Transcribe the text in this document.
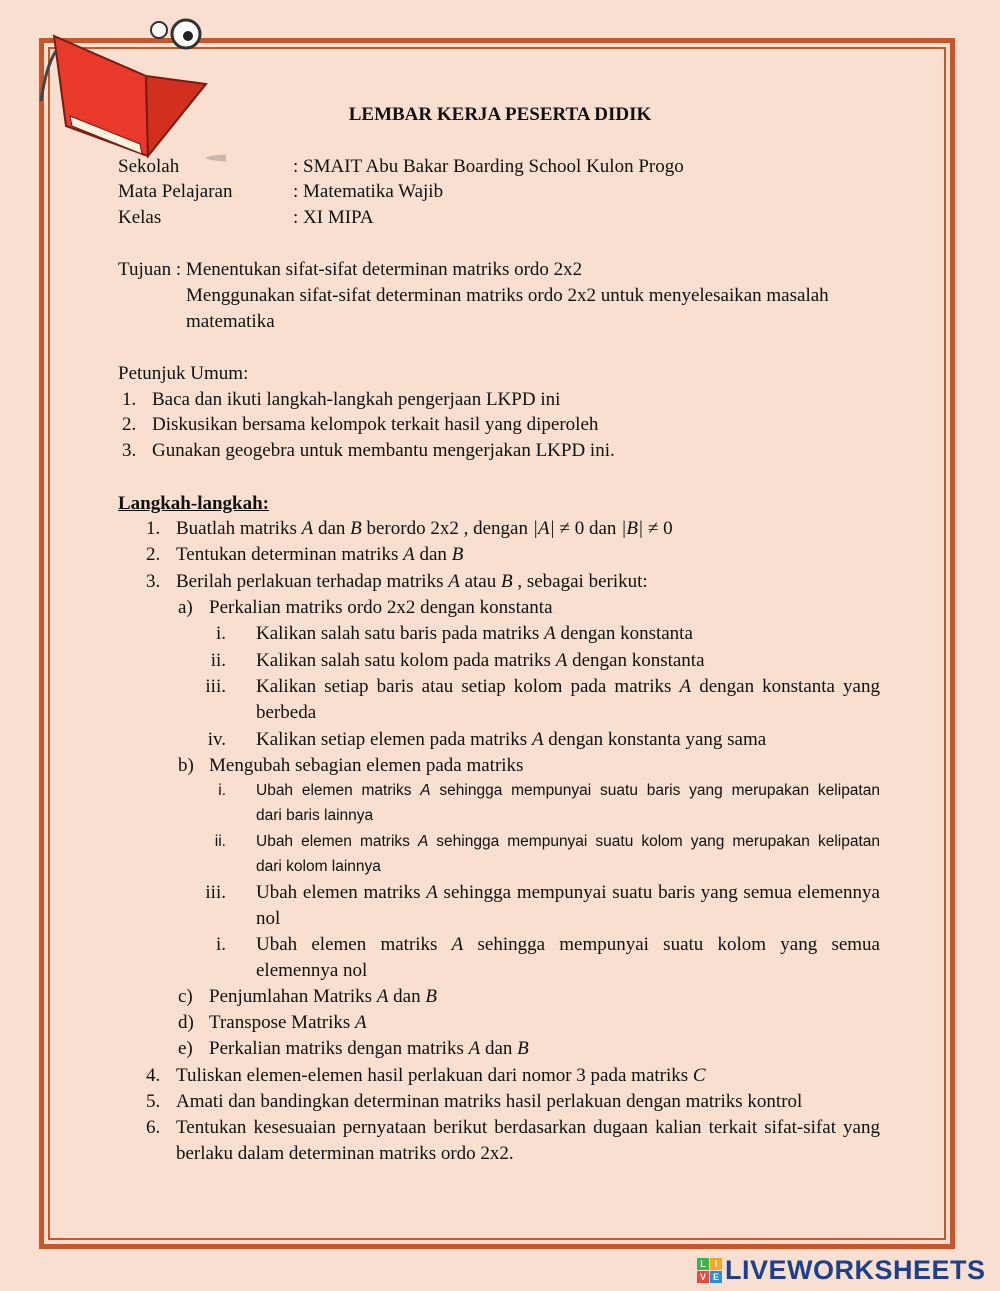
LEMBAR KERJA PESERTA DIDIK
Sekolah	: SMAIT Abu Bakar Boarding School Kulon Progo
Mata Pelajaran	: Matematika Wajib
Kelas	: XI MIPA
Tujuan : Menentukan sifat-sifat determinan matriks ordo 2x2
Menggunakan sifat-sifat determinan matriks ordo 2x2 untuk menyelesaikan masalah
matematika
Petunjuk Umum:
1. Baca dan ikuti langkah-langkah pengerjaan LKPD ini
2. Diskusikan bersama kelompok terkait hasil yang diperoleh
3. Gunakan geogebra untuk membantu mengerjakan LKPD ini.
Langkah-langkah:
1. Buatlah matriks A dan B berordo 2x2 , dengan |A| ≠ 0 dan |B| ≠ 0
2. Tentukan determinan matriks A dan B
3. Berilah perlakuan terhadap matriks A atau B , sebagai berikut:
a) Perkalian matriks ordo 2x2 dengan konstanta
i. Kalikan salah satu baris pada matriks A dengan konstanta
ii. Kalikan salah satu kolom pada matriks A dengan konstanta
iii. Kalikan setiap baris atau setiap kolom pada matriks A dengan konstanta yang
berbeda
iv. Kalikan setiap elemen pada matriks A dengan konstanta yang sama
b) Mengubah sebagian elemen pada matriks
i. Ubah elemen matriks A sehingga mempunyai suatu baris yang merupakan kelipatan
dari baris lainnya
ii. Ubah elemen matriks A sehingga mempunyai suatu kolom yang merupakan kelipatan
dari kolom lainnya
iii. Ubah elemen matriks A sehingga mempunyai suatu baris yang semua elemennya
nol
i. Ubah elemen matriks A sehingga mempunyai suatu kolom yang semua
elemennya nol
c) Penjumlahan Matriks A dan B
d) Transpose Matriks A
e) Perkalian matriks dengan matriks A dan B
4. Tuliskan elemen-elemen hasil perlakuan dari nomor 3 pada matriks C
5. Amati dan bandingkan determinan matriks hasil perlakuan dengan matriks kontrol
6. Tentukan kesesuaian pernyataan berikut berdasarkan dugaan kalian terkait sifat-sifat yang
berlaku dalam determinan matriks ordo 2x2.
L I
V E LIVEWORKSHEETS
